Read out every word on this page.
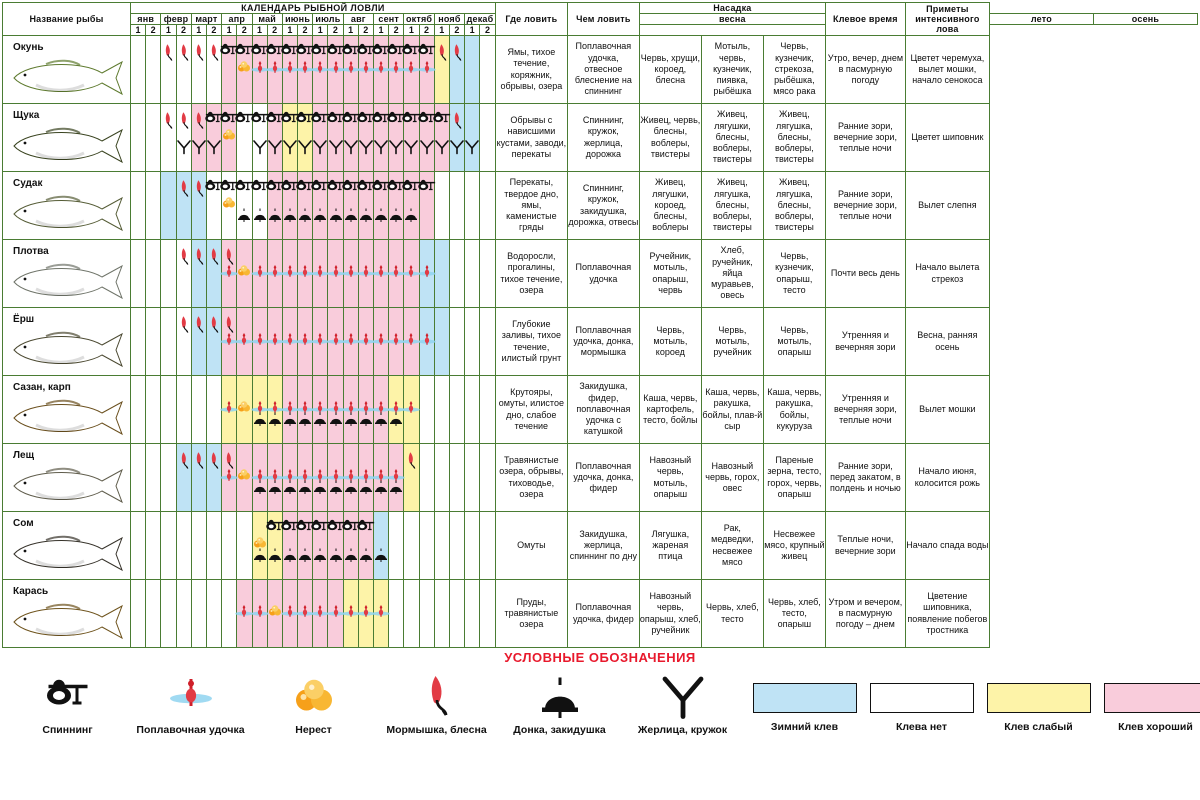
Название рыбы	КАЛЕНДАРЬ РЫБНОЙ ЛОВЛИ																								Где ловить	Чем ловить	Насадка			Клевое время	Приметы интенсивного лова		
	янв		февр		март		апр		май		июнь		июль		авг		сент		октяб		нояб		декаб				весна					лето	осень
	1	2	1	2	1	2	1	2	1	2	1	2	1	2	1	2	1	2	1	2	1	2	1	2									

Окунь																									Ямы, тихое течение, коряжник, обрывы, озера	Поплавочная удочка, отвесное блеснение на спиннинг	Червь, хрущи, короед, блесна	Мотыль, червь, кузнечик, пиявка, рыбёшка	Червь, кузнечик, стрекоза, рыбёшка, мясо рака	Утро, вечер, днем в пасмурную погоду	Цветет черемуха, вылет мошки, начало сенокоса		

Щука																									Обрывы с нависшими кустами, заводи, перекаты	Спиннинг, кружок, жерлица, дорожка	Живец, червь, блесны, воблеры, твистеры	Живец, лягушки, блесны, воблеры, твистеры	Живец, лягушка, блесны, воблеры, твистеры	Ранние зори, вечерние зори, теплые ночи	Цветет шиповник		

Судак																									Перекаты, твердое дно, ямы, каменистые гряды	Спиннинг, кружок, закидушка, дорожка, отвесы	Живец, лягушки, короед, блесны, воблеры	Живец, лягушка, блесны, воблеры, твистеры	Живец, лягушка, блесны, воблеры, твистеры	Ранние зори, вечерние зори, теплые ночи	Вылет слепня		

Плотва																									Водоросли, прогалины, тихое течение, озера	Поплавочная удочка	Ручейник, мотыль, опарыш, червь	Хлеб, ручейник, яйца муравьев, овесь	Червь, кузнечик, опарыш, тесто	Почти весь день	Начало вылета стрекоз		

Ёрш																									Глубокие заливы, тихое течение, илистый грунт	Поплавочная удочка, донка, мормышка	Червь, мотыль, короед	Червь, мотыль, ручейник	Червь, мотыль, опарыш	Утренняя и вечерняя зори	Весна, ранняя осень		

Сазан, карп																									Крутояры, омуты, илистое дно, слабое течение	Закидушка, фидер, поплавочная удочка с катушкой	Каша, червь, картофель, тесто, бойлы	Каша, червь, ракушка, бойлы, плав-й сыр	Каша, червь, ракушка, бойлы, кукуруза	Утренняя и вечерняя зори, теплые ночи	Вылет мошки		

Лещ																									Травянистые озера, обрывы, тиховодье, озера	Поплавочная удочка, донка, фидер	Навозный червь, мотыль, опарыш	Навозный червь, горох, овес	Пареные зерна, тесто, горох, червь, опарыш	Ранние зори, перед закатом, в полдень и ночью	Начало июня, колосится рожь		

Сом																									Омуты	Закидушка, жерлица, спиннинг по дну	Лягушка, жареная птица	Рак, медведки, несвежее мясо	Несвежее мясо, крупный живец	Теплые ночи, вечерние зори	Начало спада воды		

Карась																									Пруды, травянистые озера	Поплавочная удочка, фидер	Навозный червь, опарыш, хлеб, ручейник	Червь, хлеб, тесто	Червь, хлеб, тесто, опарыш	Утром и вечером, в пасмурную погоду – днем	Цветение шиповника, появление побегов тростника		
УСЛОВНЫЕ ОБОЗНАЧЕНИЯ
Спиннинг	Поплавочная удочка	Нерест	Мормышка, блесна	Донка, закидушка	Жерлица, кружок	Зимний клев	Клева нет	Клев слабый	Клев хороший
